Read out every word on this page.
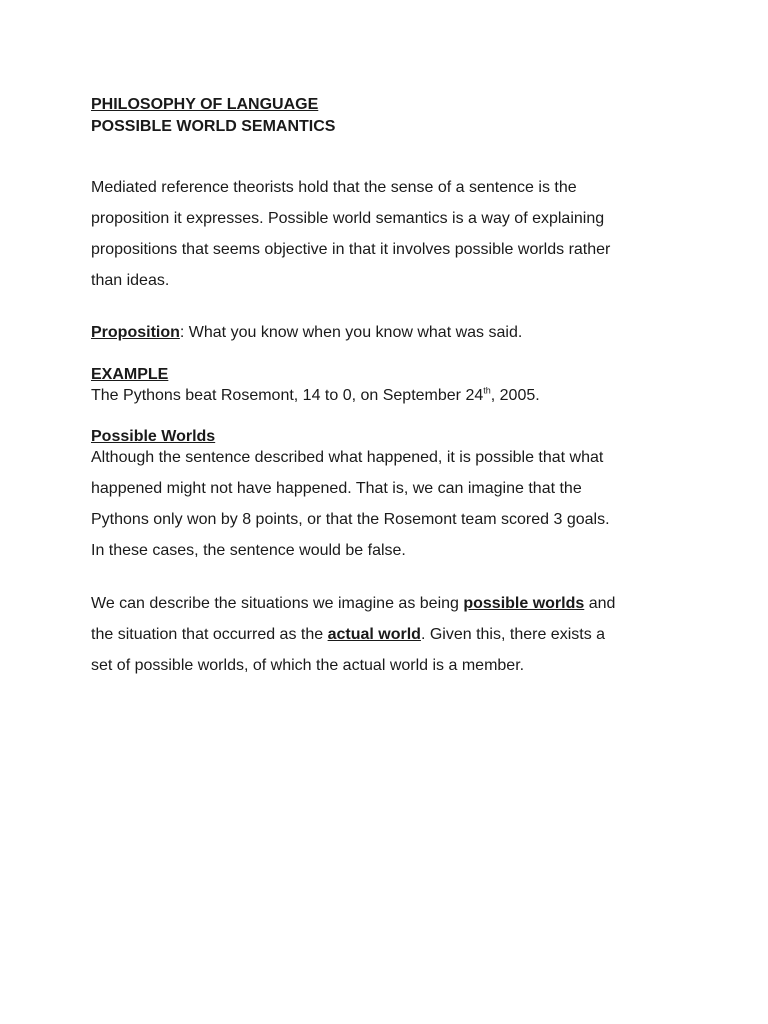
PHILOSOPHY OF LANGUAGE

POSSIBLE WORLD SEMANTICS

Mediated reference theorists hold that the sense of a sentence is the
proposition it expresses. Possible world semantics is a way of explaining
propositions that seems objective in that it involves possible worlds rather
than ideas.

Proposition: What you know when you know what was said.

EXAMPLE
The Pythons beat Rosemont, 14 to 0, on September 24th, 2005.
Possible Worlds

Although the sentence described what happened, it is possible that what
happened might not have happened. That is, we can imagine that the
Pythons only won by 8 points, or that the Rosemont team scored 3 goals.
In these cases, the sentence would be false.

We can describe the situations we imagine as being possible worlds and
the situation that occurred as the actual world. Given this, there exists a
set of possible worlds, of which the actual world is a member.
